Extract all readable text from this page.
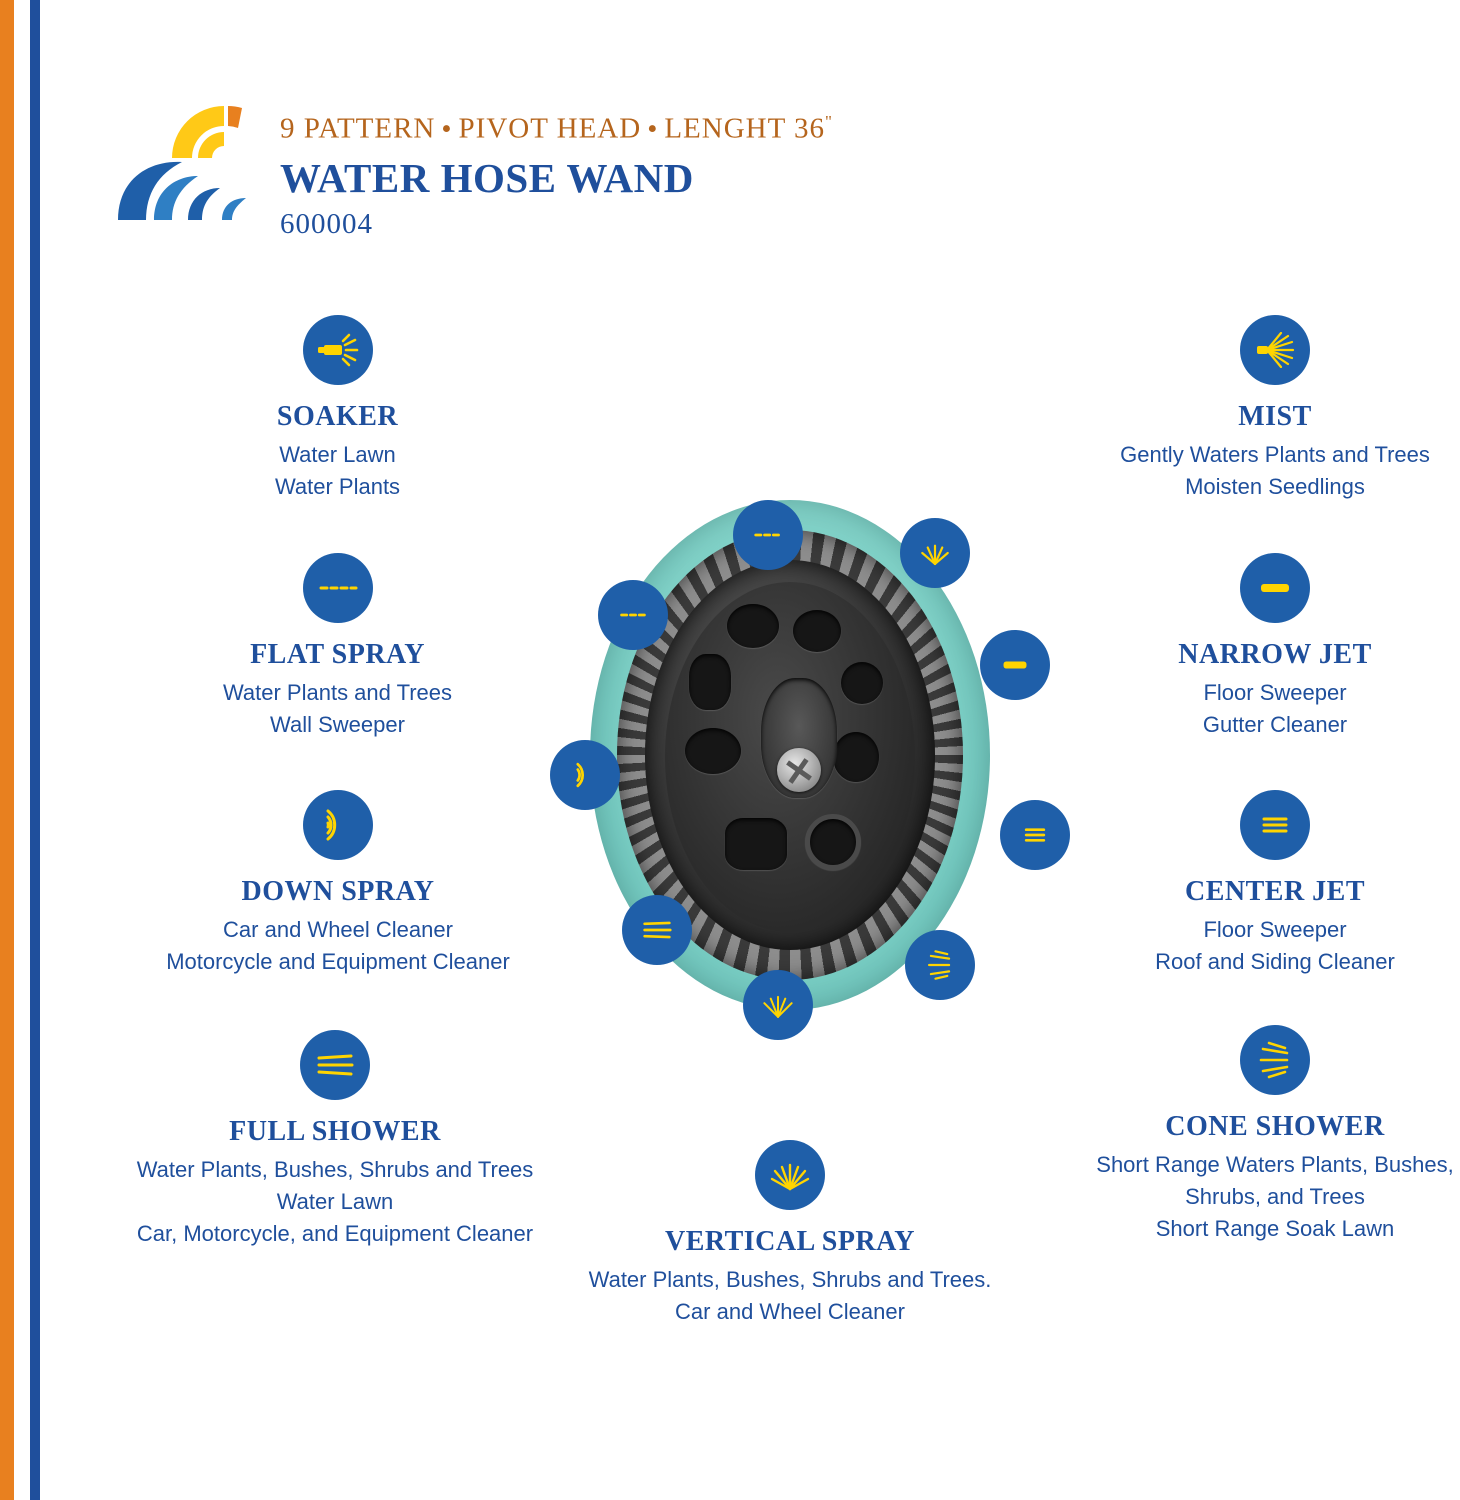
9 PATTERN • PIVOT HEAD • LENGHT 36"
WATER HOSE WAND
600004
SOAKER
Water Lawn
Water Plants
FLAT SPRAY
Water Plants and Trees
Wall Sweeper
DOWN SPRAY
Car and Wheel Cleaner
Motorcycle and Equipment Cleaner
FULL SHOWER
Water Plants, Bushes, Shrubs and Trees
Water Lawn
Car, Motorcycle, and Equipment Cleaner
MIST
Gently Waters Plants and Trees
Moisten Seedlings
NARROW JET
Floor Sweeper
Gutter Cleaner
CENTER JET
Floor Sweeper
Roof and Siding Cleaner
CONE SHOWER
Short Range Waters Plants, Bushes,
Shrubs, and Trees
Short Range Soak Lawn
VERTICAL SPRAY
Water Plants, Bushes, Shrubs and Trees.
Car and Wheel Cleaner
